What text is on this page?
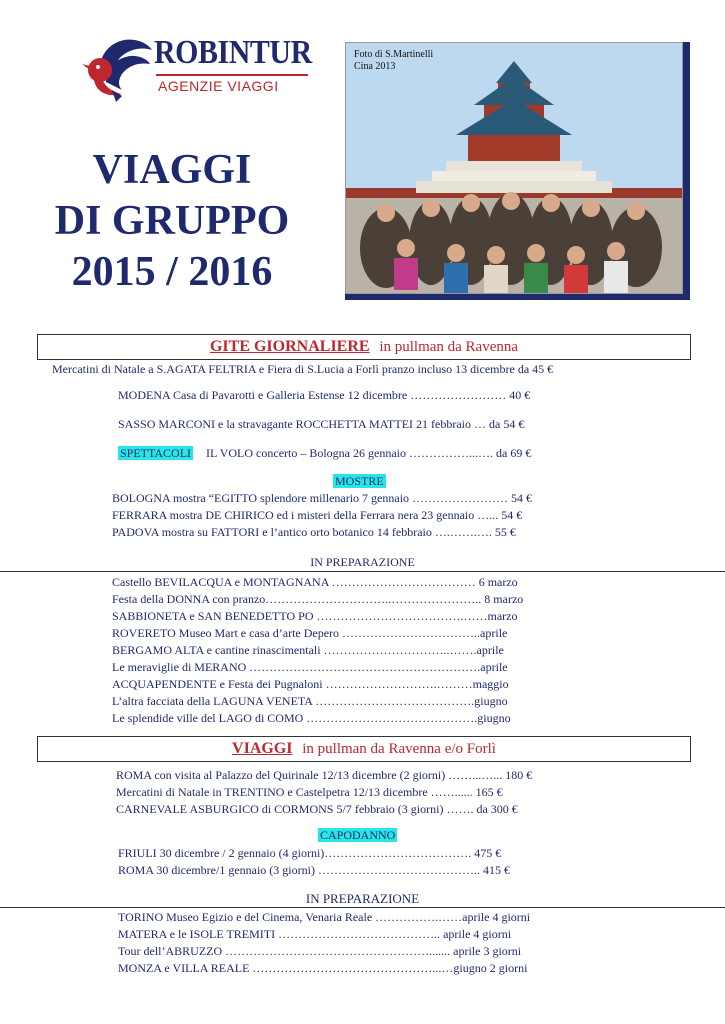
ROBINTUR
AGENZIE VIAGGI
VIAGGI
DI GRUPPO
2015 / 2016
Foto di S.Martinelli
Cina 2013
GITE GIORNALIERE in pullman da Ravenna
Mercatini di Natale a S.AGATA FELTRIA e Fiera di S.Lucia a Forlì pranzo incluso 13 dicembre da 45 €
MODENA Casa di Pavarotti e Galleria Estense 12 dicembre …………………… 40 €
SASSO MARCONI e la stravagante ROCCHETTA MATTEI 21 febbraio … da 54 €
SPETTACOLI IL VOLO concerto – Bologna 26 gennaio ……………...…. da 69 €
MOSTRE
BOLOGNA mostra “EGITTO splendore millenario 7 gennaio …………………… 54 €
FERRARA mostra DE CHIRICO ed i misteri della Ferrara nera 23 gennaio …... 54 €
PADOVA mostra su FATTORI e l’antico orto botanico 14 febbraio ….…….…. 55 €
IN PREPARAZIONE
Castello BEVILACQUA e MONTAGNANA ……………………………… 6 marzo
Festa della DONNA con pranzo…………………………..………………….. 8 marzo
SABBIONETA e SAN BENEDETTO PO ……………………………….……marzo
ROVERETO Museo Mart e casa d’arte Depero ……………………………..aprile
BERGAMO ALTA e cantine rinascimentali …………………………..…….aprile
Le meraviglie di MERANO ………………………………………………….aprile
ACQUAPENDENTE e Festa dei Pugnaloni ……………………….………maggio
L’altra facciata della LAGUNA VENETA ………………………………….giugno
Le splendide ville del LAGO di COMO …………………………………….giugno
VIAGGI in pullman da Ravenna e/o Forlì
ROMA con visita al Palazzo del Quirinale 12/13 dicembre (2 giorni) ……...…... 180 €
Mercatini di Natale in TRENTINO e Castelpetra 12/13 dicembre ……...... 165 €
CARNEVALE ASBURGICO di CORMONS 5/7 febbraio (3 giorni) ……. da 300 €
CAPODANNO
FRIULI 30 dicembre / 2 gennaio (4 giorni)………………………………. 475 €
ROMA 30 dicembre/1 gennaio (3 giorni) ………………………………….. 415 €
IN PREPARAZIONE
TORINO Museo Egizio e del Cinema, Venaria Reale …………….……aprile 4 giorni
MATERA e le ISOLE TREMITI ………………………………….. aprile 4 giorni
Tour dell’ABRUZZO ……………………………………………....... aprile 3 giorni
MONZA e VILLA REALE ………………………………………...…giugno 2 giorni
